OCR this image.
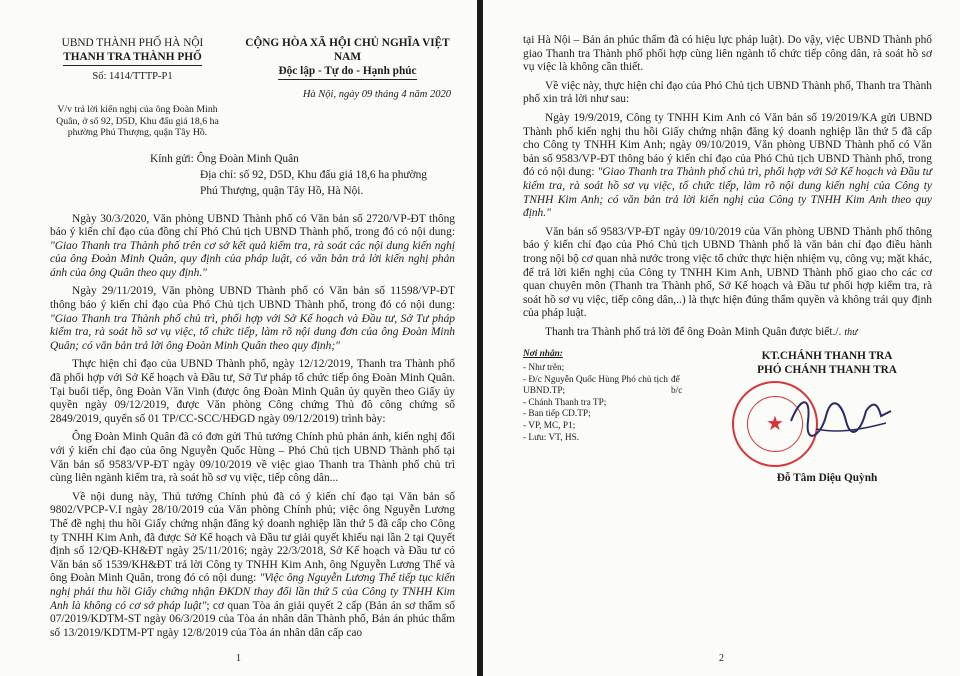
UBND THÀNH PHỐ HÀ NỘI
THANH TRA THÀNH PHỐ
Số: 1414/TTTP-P1
CỘNG HÒA XÃ HỘI CHỦ NGHĨA VIỆT NAM
Độc lập - Tự do - Hạnh phúc
Hà Nội, ngày 09 tháng 4 năm 2020
V/v trả lời kiến nghị của ông Đoàn Minh Quân, ở số 92, D5D, Khu đấu giá 18,6 ha phường Phú Thượng, quận Tây Hồ.
Kính gửi: Ông Đoàn Minh Quân
Địa chỉ: số 92, D5D, Khu đấu giá 18,6 ha phường
Phú Thượng, quận Tây Hồ, Hà Nội.

Ngày 30/3/2020, Văn phòng UBND Thành phố có Văn bản số 2720/VP-ĐT thông báo ý kiến chỉ đạo của đồng chí Phó Chủ tịch UBND Thành phố, trong đó có nội dung: "Giao Thanh tra Thành phố trên cơ sở kết quả kiểm tra, rà soát các nội dung kiến nghị của ông Đoàn Minh Quân, quy định của pháp luật, có văn bản trả lời kiến nghị phản ánh của ông Quân theo quy định."

Ngày 29/11/2019, Văn phòng UBND Thành phố có Văn bản số 11598/VP-ĐT thông báo ý kiến chỉ đạo của Phó Chủ tịch UBND Thành phố, trong đó có nội dung: "Giao Thanh tra Thành phố chủ trì, phối hợp với Sở Kế hoạch và Đầu tư, Sở Tư pháp kiểm tra, rà soát hồ sơ vụ việc, tổ chức tiếp, làm rõ nội dung đơn của ông Đoàn Minh Quân; có văn bản trả lời ông Đoàn Minh Quân theo quy định;"

Thực hiện chỉ đạo của UBND Thành phố, ngày 12/12/2019, Thanh tra Thành phố đã phối hợp với Sở Kế hoạch và Đầu tư, Sở Tư pháp tổ chức tiếp ông Đoàn Minh Quân. Tại buổi tiếp, ông Đoàn Văn Vinh (được ông Đoàn Minh Quân ủy quyền theo Giấy ủy quyền ngày 09/12/2019, được Văn phòng Công chứng Thủ đô công chứng số 2849/2019, quyển số 01 TP/CC-SCC/HĐGD ngày 09/12/2019) trình bày:

Ông Đoàn Minh Quân đã có đơn gửi Thủ tướng Chính phủ phản ánh, kiến nghị đối với ý kiến chỉ đạo của ông Nguyễn Quốc Hùng – Phó Chủ tịch UBND Thành phố tại Văn bản số 9583/VP-ĐT ngày 09/10/2019 về việc giao Thanh tra Thành phố chủ trì cùng liên ngành kiểm tra, rà soát hồ sơ vụ việc, tiếp công dân...

Về nội dung này, Thủ tướng Chính phủ đã có ý kiến chỉ đạo tại Văn bản số 9802/VPCP-V.I ngày 28/10/2019 của Văn phòng Chính phủ; việc ông Nguyễn Lương Thế đề nghị thu hồi Giấy chứng nhận đăng ký doanh nghiệp lần thứ 5 đã cấp cho Công ty TNHH Kim Anh, đã được Sở Kế hoạch và Đầu tư giải quyết khiếu nại lần 2 tại Quyết định số 12/QĐ-KH&ĐT ngày 25/11/2016; ngày 22/3/2018, Sở Kế hoạch và Đầu tư có Văn bản số 1539/KH&ĐT trả lời Công ty TNHH Kim Anh, ông Nguyễn Lương Thế và ông Đoàn Minh Quân, trong đó có nội dung: "Việc ông Nguyễn Lương Thế tiếp tục kiến nghị phải thu hồi Giấy chứng nhận ĐKDN thay đổi lần thứ 5 của Công ty TNHH Kim Anh là không có cơ sở pháp luật"; cơ quan Tòa án giải quyết 2 cấp (Bản án sơ thẩm số 07/2019/KDTM-ST ngày 06/3/2019 của Tòa án nhân dân Thành phố, Bản án phúc thẩm số 13/2019/KDTM-PT ngày 12/8/2019 của Tòa án nhân dân cấp cao

1

tại Hà Nội – Bản án phúc thẩm đã có hiệu lực pháp luật). Do vậy, việc UBND Thành phố giao Thanh tra Thành phố phối hợp cùng liên ngành tổ chức tiếp công dân, rà soát hồ sơ vụ việc là không cần thiết.

Về việc này, thực hiện chỉ đạo của Phó Chủ tịch UBND Thành phố, Thanh tra Thành phố xin trả lời như sau:

Ngày 19/9/2019, Công ty TNHH Kim Anh có Văn bản số 19/2019/KA gửi UBND Thành phố kiến nghị thu hồi Giấy chứng nhận đăng ký doanh nghiệp lần thứ 5 đã cấp cho Công ty TNHH Kim Anh; ngày 09/10/2019, Văn phòng UBND Thành phố có Văn bản số 9583/VP-ĐT thông báo ý kiến chỉ đạo của Phó Chủ tịch UBND Thành phố, trong đó có nội dung: "Giao Thanh tra Thành phố chủ trì, phối hợp với Sở Kế hoạch và Đầu tư kiểm tra, rà soát hồ sơ vụ việc, tổ chức tiếp, làm rõ nội dung kiến nghị của Công ty TNHH Kim Anh; có văn bản trả lời kiến nghị của Công ty TNHH Kim Anh theo quy định."

Văn bản số 9583/VP-ĐT ngày 09/10/2019 của Văn phòng UBND Thành phố thông báo ý kiến chỉ đạo của Phó Chủ tịch UBND Thành phố là văn bản chỉ đạo điều hành trong nội bộ cơ quan nhà nước trong việc tổ chức thực hiện nhiệm vụ, công vụ; mặt khác, để trả lời kiến nghị của Công ty TNHH Kim Anh, UBND Thành phố giao cho các cơ quan chuyên môn (Thanh tra Thành phố, Sở Kế hoạch và Đầu tư phối hợp kiểm tra, rà soát hồ sơ vụ việc, tiếp công dân,..) là thực hiện đúng thẩm quyền và không trái quy định của pháp luật.

Thanh tra Thành phố trả lời để ông Đoàn Minh Quân được biết./. thư

Nơi nhận:
- Như trên;
- Đ/c Nguyễn Quốc Hùng Phó chủ tịch UBND.TP;
để b/c
- Chánh Thanh tra TP;
- Ban tiếp CD.TP;
- VP, MC, P1;
- Lưu: VT, HS.
KT.CHÁNH THANH TRA
PHÓ CHÁNH THANH TRA
★
Đỗ Tâm Diệu Quỳnh
2
